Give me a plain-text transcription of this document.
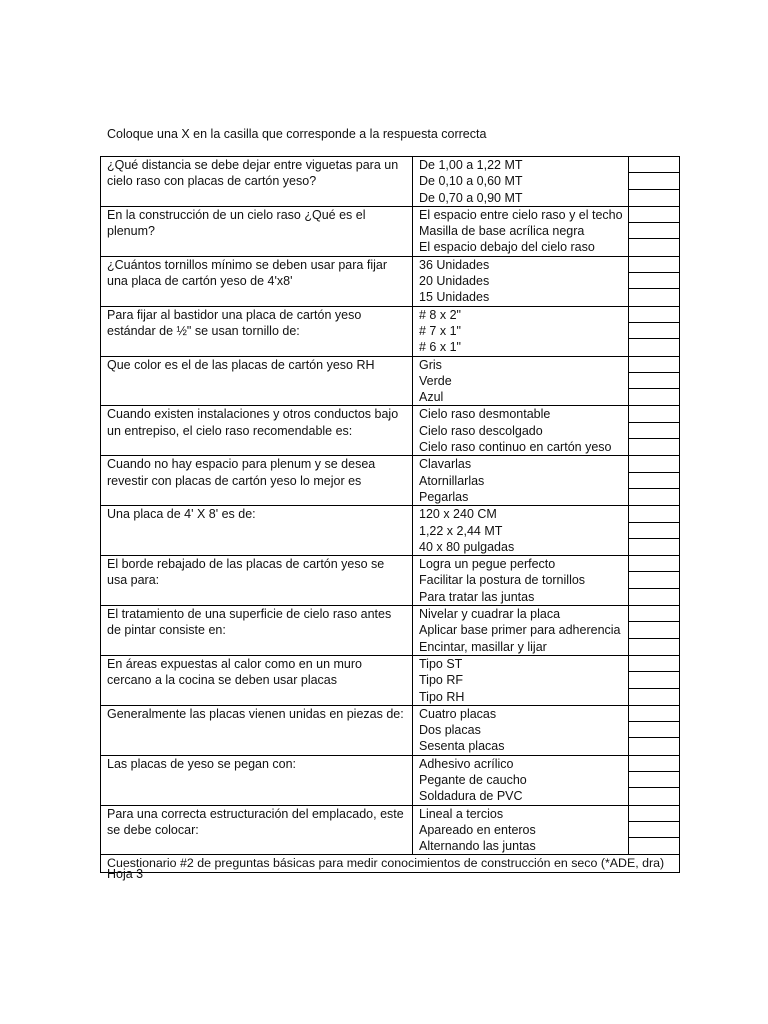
Coloque una X en la casilla que corresponde a la respuesta correcta
¿Qué distancia se debe dejar entre viguetas para un cielo raso con placas de cartón yeso?	De 1,00 a 1,22 MT
De 0,10 a 0,60 MT
De 0,70 a 0,90 MT	

En la construcción de un cielo raso ¿Qué es el plenum?	El espacio entre cielo raso y el techo
Masilla de base acrílica negra
El espacio debajo del cielo raso	

¿Cuántos tornillos mínimo se deben usar para fijar una placa de cartón yeso de 4'x8'	36 Unidades
20 Unidades
15 Unidades	

Para fijar al bastidor una placa de cartón yeso estándar de ½" se usan tornillo de:	# 8 x 2"
# 7 x 1"
# 6 x 1"	

Que color es el de las placas de cartón yeso RH	Gris
Verde
Azul	

Cuando existen instalaciones y otros conductos bajo un entrepiso, el cielo raso recomendable es:	Cielo raso desmontable
Cielo raso descolgado
Cielo raso continuo en cartón yeso	

Cuando no hay espacio para plenum y se desea revestir con placas de cartón yeso lo mejor es	Clavarlas
Atornillarlas
Pegarlas	

Una placa de 4' X 8' es de:	120 x 240 CM
1,22 x 2,44 MT
40 x 80 pulgadas	

El borde rebajado de las placas de cartón yeso se usa para:	Logra un pegue perfecto
Facilitar la postura de tornillos
Para tratar las juntas	

El tratamiento de una superficie de cielo raso antes de pintar consiste en:	Nivelar y cuadrar la placa
Aplicar base primer para adherencia
Encintar, masillar y lijar	

En áreas expuestas al calor como en un muro cercano a la cocina se deben usar placas	Tipo ST
Tipo RF
Tipo RH	

Generalmente las placas vienen unidas en piezas de:	Cuatro placas
Dos placas
Sesenta placas	

Las placas de yeso se pegan con:	Adhesivo acrílico
Pegante de caucho
Soldadura de PVC	

Para una correcta estructuración del emplacado, este se debe colocar:	Lineal a tercios
Apareado en enteros
Alternando las juntas	

Cuestionario #2 de preguntas básicas para medir conocimientos de construcción en seco (*ADE, dra)		
Hoja 3
